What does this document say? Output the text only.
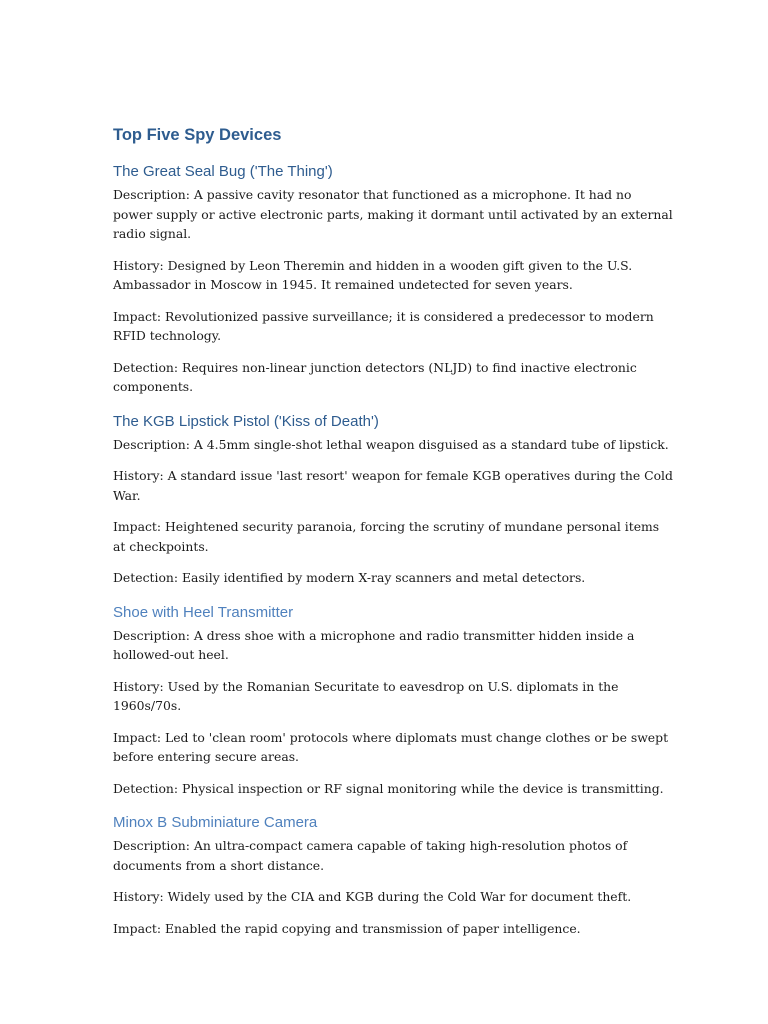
Top Five Spy Devices
The Great Seal Bug ('The Thing')

Description: A passive cavity resonator that functioned as a microphone. It had no power supply or active electronic parts, making it dormant until activated by an external radio signal.

History: Designed by Leon Theremin and hidden in a wooden gift given to the U.S. Ambassador in Moscow in 1945. It remained undetected for seven years.

Impact: Revolutionized passive surveillance; it is considered a predecessor to modern RFID technology.

Detection: Requires non-linear junction detectors (NLJD) to find inactive electronic components.

The KGB Lipstick Pistol ('Kiss of Death')

Description: A 4.5mm single-shot lethal weapon disguised as a standard tube of lipstick.

History: A standard issue 'last resort' weapon for female KGB operatives during the Cold War.

Impact: Heightened security paranoia, forcing the scrutiny of mundane personal items at checkpoints.

Detection: Easily identified by modern X-ray scanners and metal detectors.

Shoe with Heel Transmitter

Description: A dress shoe with a microphone and radio transmitter hidden inside a hollowed-out heel.

History: Used by the Romanian Securitate to eavesdrop on U.S. diplomats in the 1960s/70s.

Impact: Led to 'clean room' protocols where diplomats must change clothes or be swept before entering secure areas.

Detection: Physical inspection or RF signal monitoring while the device is transmitting.

Minox B Subminiature Camera

Description: An ultra-compact camera capable of taking high-resolution photos of documents from a short distance.

History: Widely used by the CIA and KGB during the Cold War for document theft.

Impact: Enabled the rapid copying and transmission of paper intelligence.
